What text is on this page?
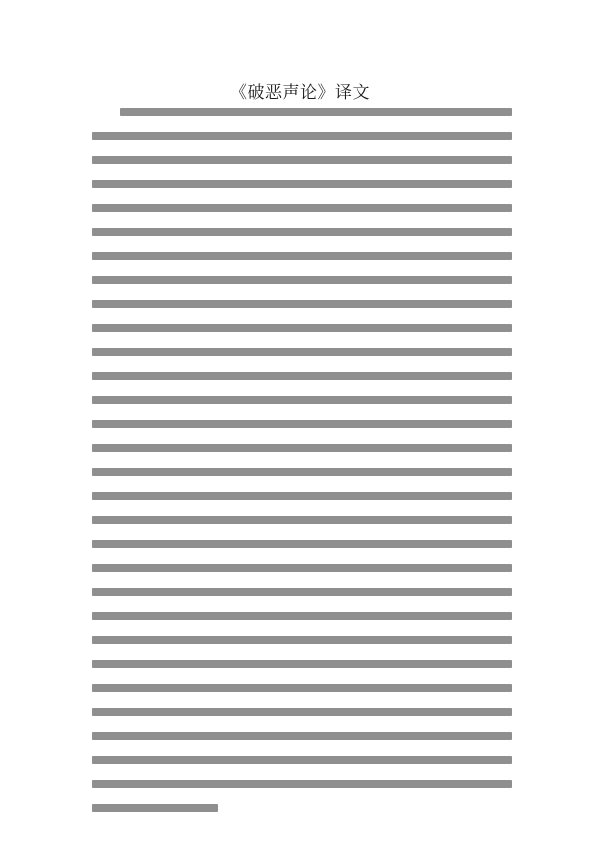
《破恶声论》译文
